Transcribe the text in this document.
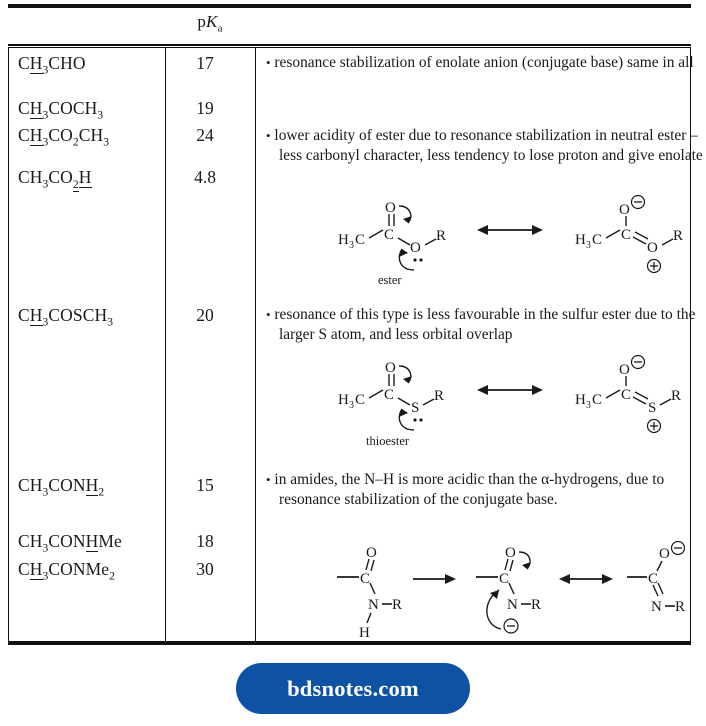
$pK_a$
$CH_3CHO$
$CH_3COCH_3$
$CH_3CO_2CH_3$
$CH_3CO_2H$
$CH_3COSCH_3$
$CH_3CONH_2$
$CH_3CONHMe$
$CH_3CONMe_2$
17
19
24
4.8
20
15
18
30
• resonance stabilization of enolate anion (conjugate base) same in all
• lower acidity of ester due to resonance stabilization in neutral ester – less carbonyl character, less tendency to lose proton and give enolate
• resonance of this type is less favourable in the sulfur ester due to the larger S atom, and less orbital overlap
• in amides, the N–H is more acidic than the α-hydrogens, due to resonance stabilization of the conjugate base.
H 3 C C
O
O
R
ester
H 3 C C
O
O
R
H 3 C C
O
S
R
thioester
H 3 C C
O
S
R
C
O
N R
H
C
O
N R
C
O
N R
bdsnotes.com
